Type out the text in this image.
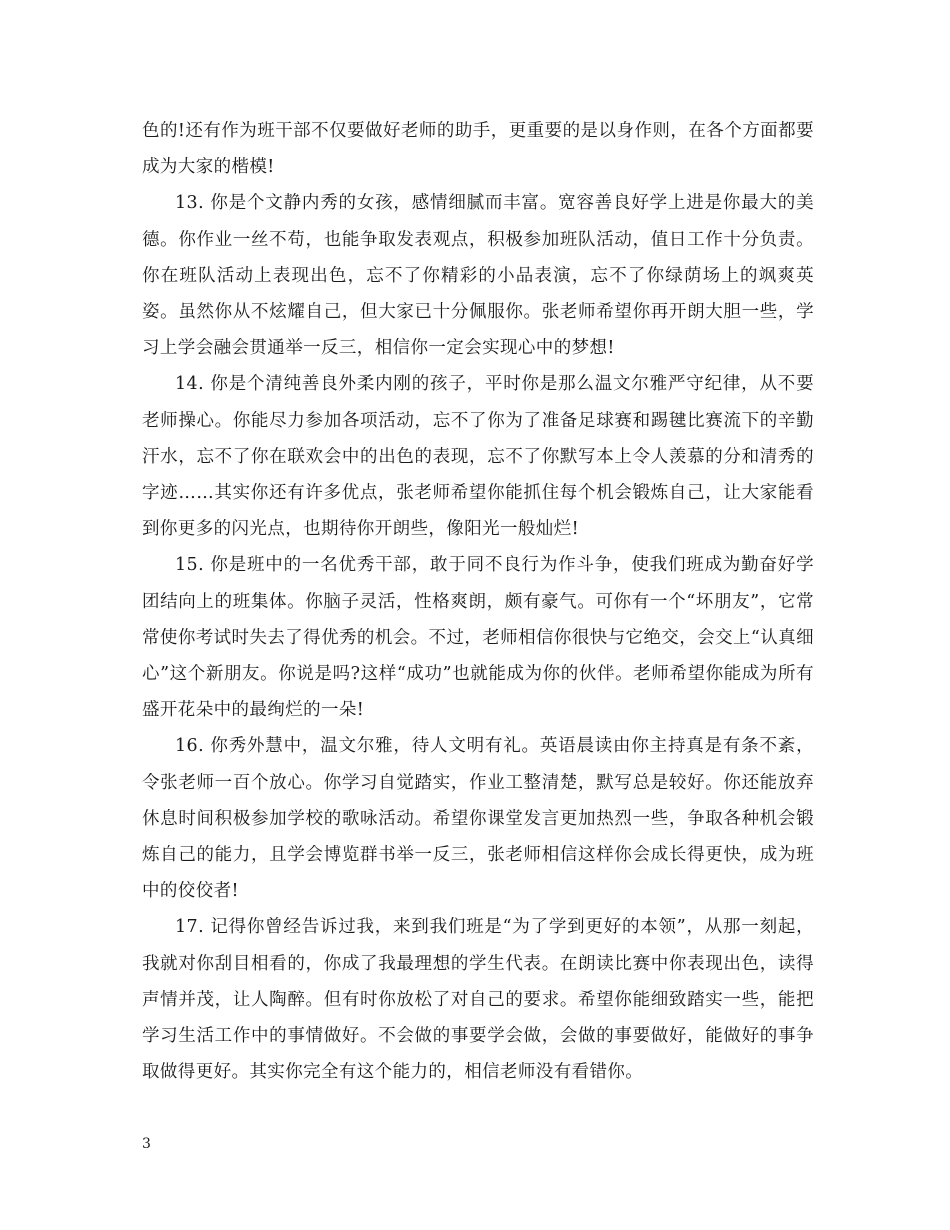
色的!还有作为班干部不仅要做好老师的助手，更重要的是以身作则，在各个方面都要成为大家的楷模!

13. 你是个文静内秀的女孩，感情细腻而丰富。宽容善良好学上进是你最大的美德。你作业一丝不苟，也能争取发表观点，积极参加班队活动，值日工作十分负责。你在班队活动上表现出色，忘不了你精彩的小品表演，忘不了你绿荫场上的飒爽英姿。虽然你从不炫耀自己，但大家已十分佩服你。张老师希望你再开朗大胆一些，学习上学会融会贯通举一反三，相信你一定会实现心中的梦想!

14. 你是个清纯善良外柔内刚的孩子，平时你是那么温文尔雅严守纪律，从不要老师操心。你能尽力参加各项活动，忘不了你为了准备足球赛和踢毽比赛流下的辛勤汗水，忘不了你在联欢会中的出色的表现，忘不了你默写本上令人羡慕的分和清秀的字迹……其实你还有许多优点，张老师希望你能抓住每个机会锻炼自己，让大家能看到你更多的闪光点，也期待你开朗些，像阳光一般灿烂!

15. 你是班中的一名优秀干部，敢于同不良行为作斗争，使我们班成为勤奋好学团结向上的班集体。你脑子灵活，性格爽朗，颇有豪气。可你有一个“坏朋友”，它常常使你考试时失去了得优秀的机会。不过，老师相信你很快与它绝交，会交上“认真细心”这个新朋友。你说是吗?这样“成功”也就能成为你的伙伴。老师希望你能成为所有盛开花朵中的最绚烂的一朵!

16. 你秀外慧中，温文尔雅，待人文明有礼。英语晨读由你主持真是有条不紊，令张老师一百个放心。你学习自觉踏实，作业工整清楚，默写总是较好。你还能放弃休息时间积极参加学校的歌咏活动。希望你课堂发言更加热烈一些，争取各种机会锻炼自己的能力，且学会博览群书举一反三，张老师相信这样你会成长得更快，成为班中的佼佼者!

17. 记得你曾经告诉过我，来到我们班是“为了学到更好的本领”，从那一刻起，我就对你刮目相看的，你成了我最理想的学生代表。在朗读比赛中你表现出色，读得声情并茂，让人陶醉。但有时你放松了对自己的要求。希望你能细致踏实一些，能把学习生活工作中的事情做好。不会做的事要学会做，会做的事要做好，能做好的事争取做得更好。其实你完全有这个能力的，相信老师没有看错你。

3
